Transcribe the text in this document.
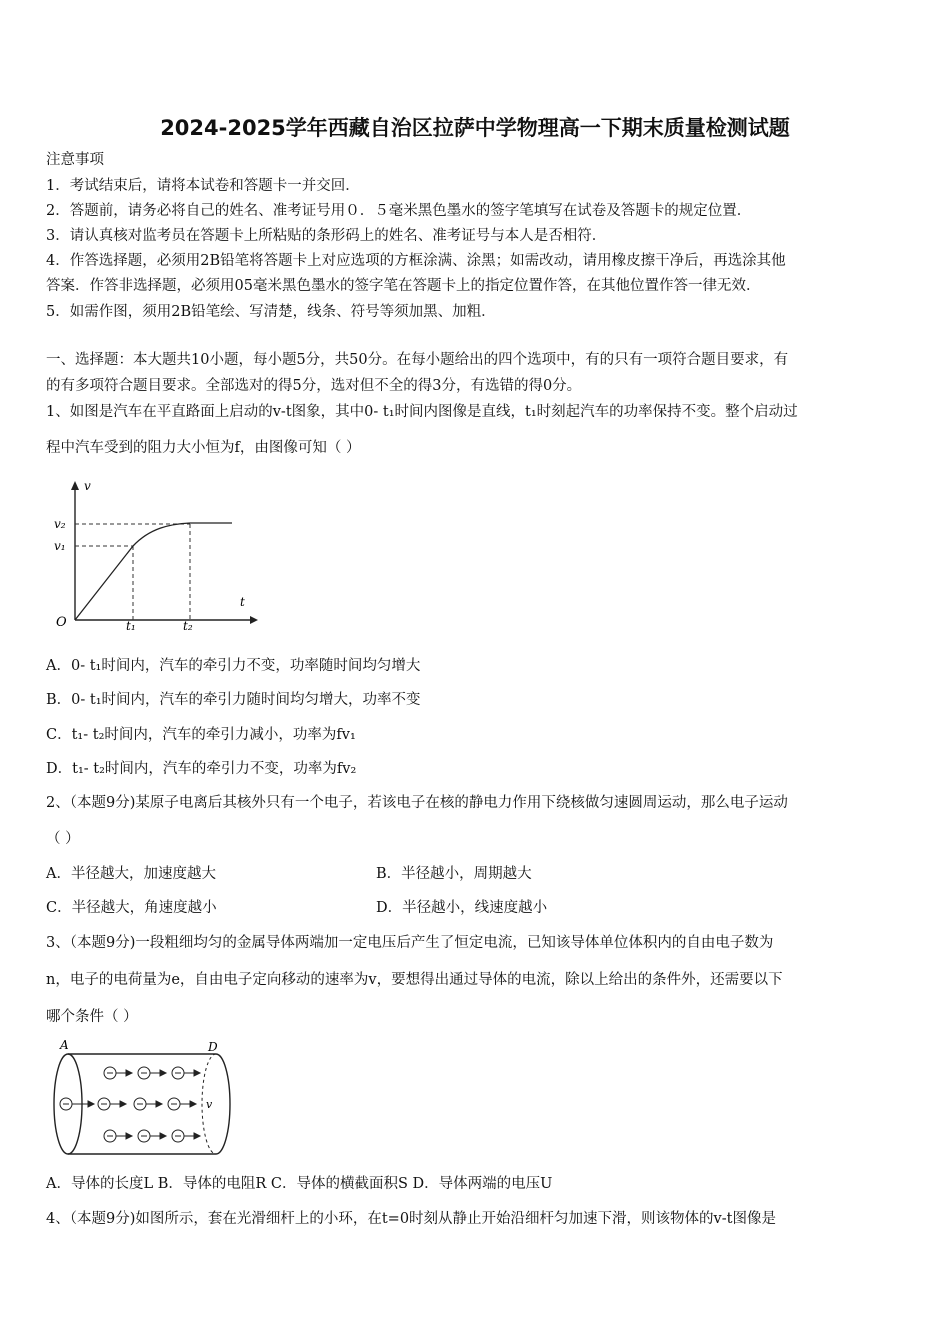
2024-2025学年西藏自治区拉萨中学物理高一下期末质量检测试题
注意事项
1．考试结束后，请将本试卷和答题卡一并交回．
2．答题前，请务必将自己的姓名、准考证号用０．５毫米黑色墨水的签字笔填写在试卷及答题卡的规定位置．
3．请认真核对监考员在答题卡上所粘贴的条形码上的姓名、准考证号与本人是否相符．
4．作答选择题，必须用2B铅笔将答题卡上对应选项的方框涂满、涂黑；如需改动，请用橡皮擦干净后，再选涂其他
答案．作答非选择题，必须用05毫米黑色墨水的签字笔在答题卡上的指定位置作答，在其他位置作答一律无效．
5．如需作图，须用2B铅笔绘、写清楚，线条、符号等须加黑、加粗．
一、选择题：本大题共10小题，每小题5分，共50分。在每小题给出的四个选项中，有的只有一项符合题目要求，有
的有多项符合题目要求。全部选对的得5分，选对但不全的得3分，有选错的得0分。
1、如图是汽车在平直路面上启动的v-t图象，其中0- t₁时间内图像是直线，t₁时刻起汽车的功率保持不变。整个启动过
程中汽车受到的阻力大小恒为f，由图像可知（ ）
v
t
O
v₂
v₁
t₁	t₂
A．0- t₁时间内，汽车的牵引力不变，功率随时间均匀增大
B．0- t₁时间内，汽车的牵引力随时间均匀增大，功率不变
C．t₁- t₂时间内，汽车的牵引力减小，功率为fv₁
D．t₁- t₂时间内，汽车的牵引力不变，功率为fv₂
2、（本题9分)某原子电离后其核外只有一个电子，若该电子在核的静电力作用下绕核做匀速圆周运动，那么电子运动
（ ）
A．半径越大，加速度越大	B．半径越小，周期越大
C．半径越大，角速度越小	D．半径越小，线速度越小
3、（本题9分)一段粗细均匀的金属导体两端加一定电压后产生了恒定电流，已知该导体单位体积内的自由电子数为
n，电子的电荷量为e，自由电子定向移动的速率为v，要想得出通过导体的电流，除以上给出的条件外，还需要以下
哪个条件（ ）
A	D
v
A．导体的长度L B．导体的电阻R C．导体的横截面积S D．导体两端的电压U
4、（本题9分)如图所示，套在光滑细杆上的小环，在t=0时刻从静止开始沿细杆匀加速下滑，则该物体的v-t图像是
